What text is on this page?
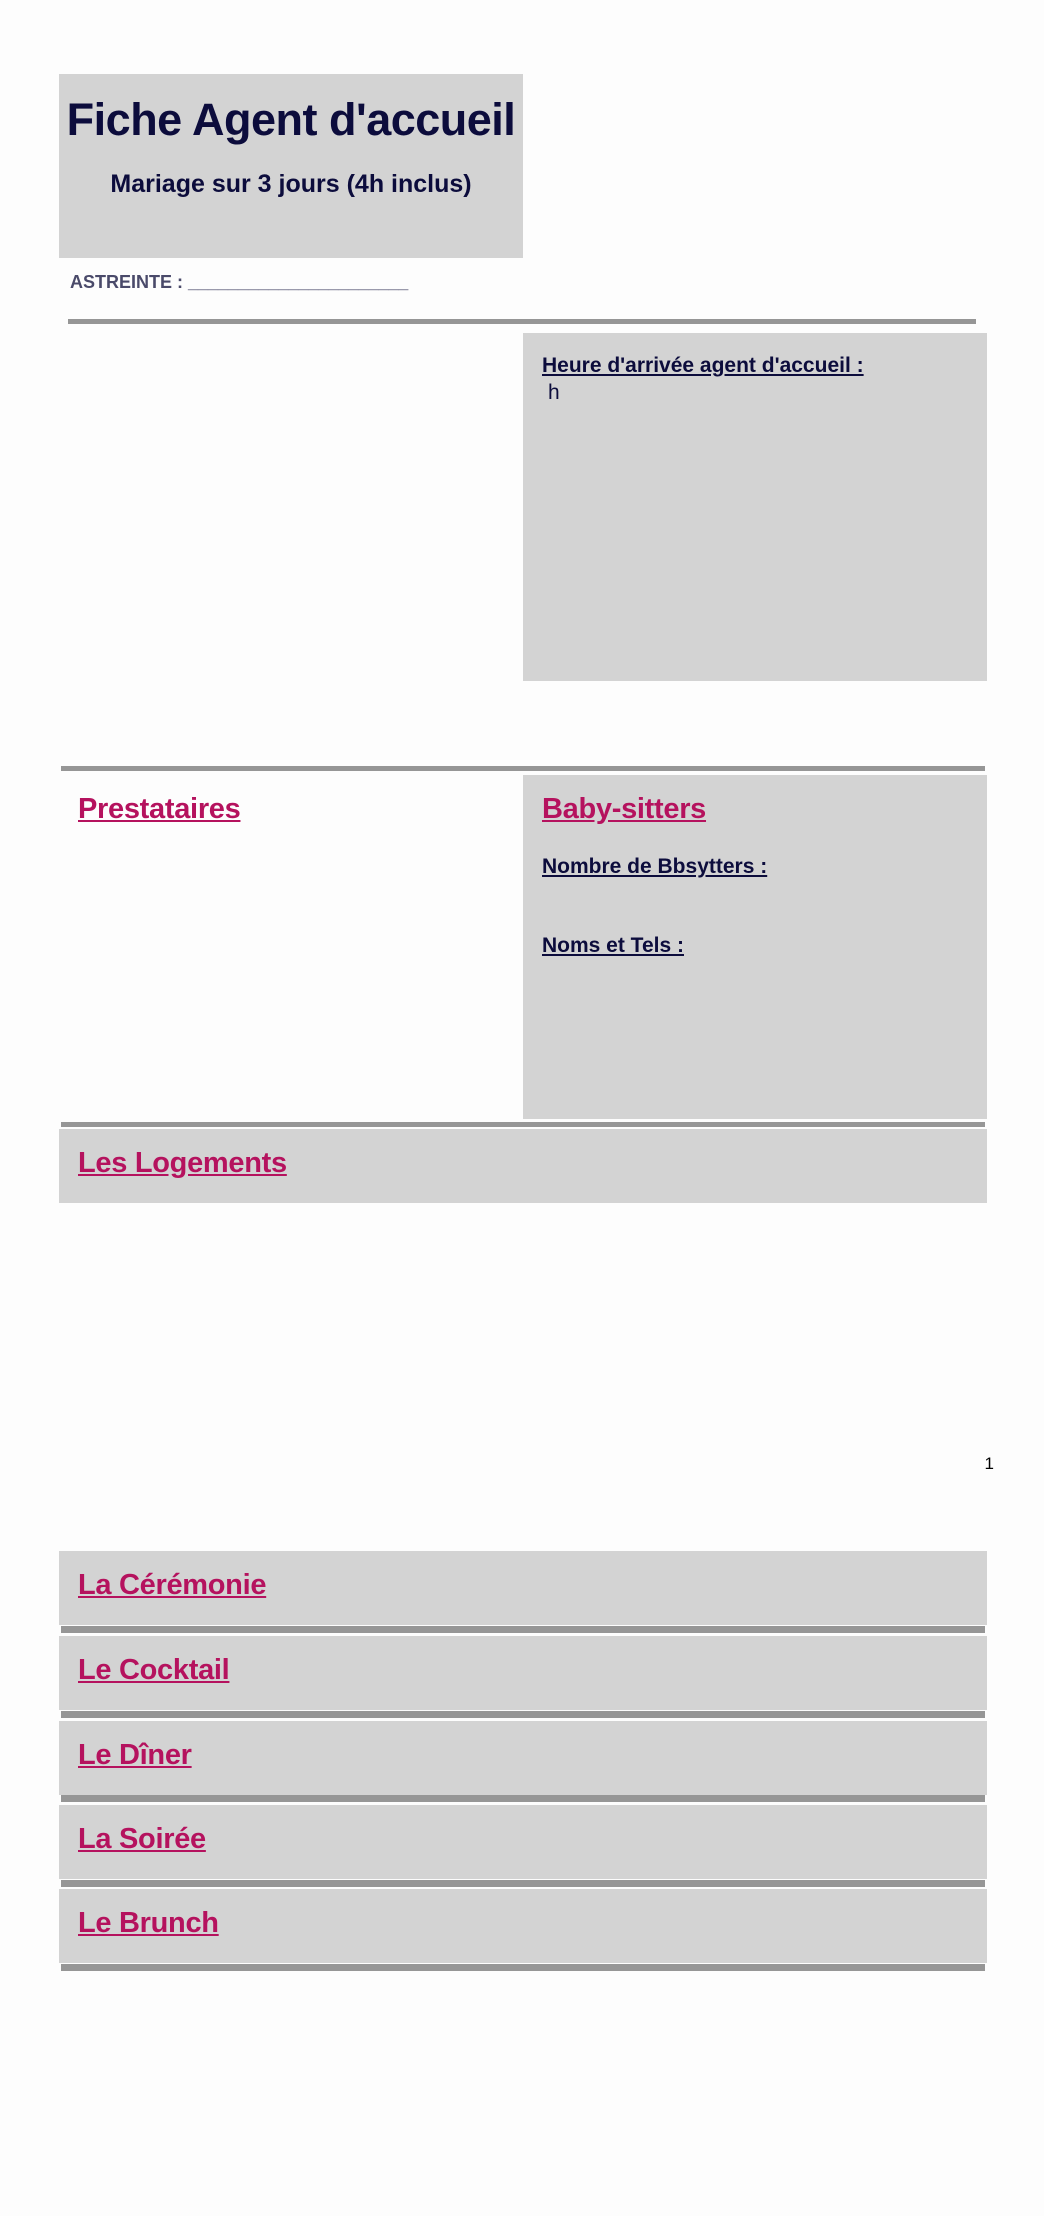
Fiche Agent d'accueil
Mariage sur 3 jours (4h inclus)
ASTREINTE : ______________________
Heure d'arrivée agent d'accueil :
h
Prestataires	Baby-sitters
Nombre de Bbsytters :
Noms et Tels :
Les Logements
1
La Cérémonie
Le Cocktail
Le Dîner
La Soirée
Le Brunch
